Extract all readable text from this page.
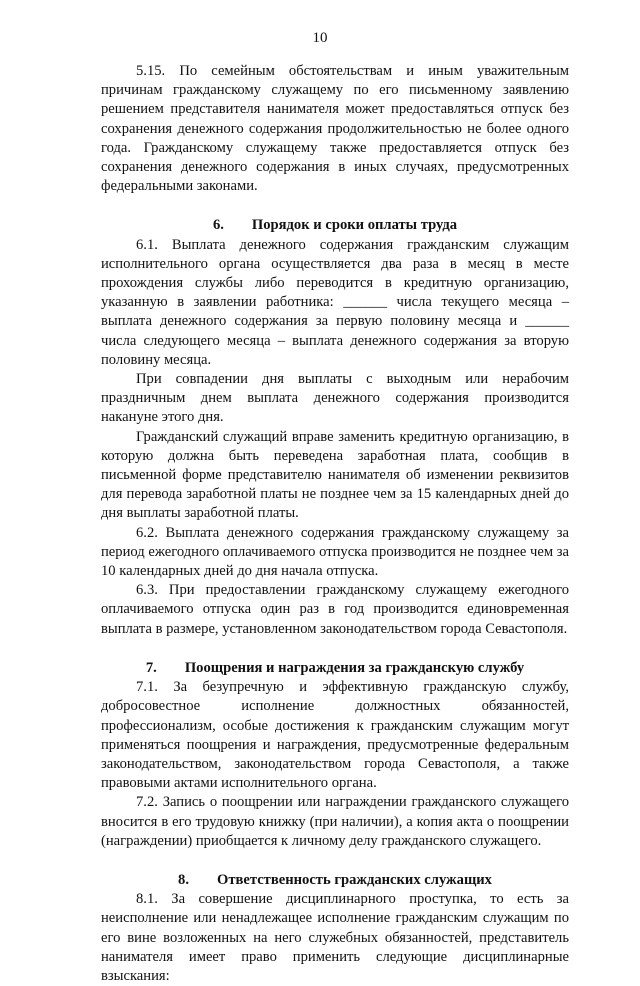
10

5.15. По семейным обстоятельствам и иным уважительным причинам гражданскому служащему по его письменному заявлению решением представителя нанимателя может предоставляться отпуск без сохранения денежного содержания продолжительностью не более одного года. Гражданскому служащему также предоставляется отпуск без сохранения денежного содержания в иных случаях, предусмотренных федеральными законами.

6. Порядок и сроки оплаты труда

6.1. Выплата денежного содержания гражданским служащим исполнительного органа осуществляется два раза в месяц в месте прохождения службы либо переводится в кредитную организацию, указанную в заявлении работника: ______ числа текущего месяца – выплата денежного содержания за первую половину месяца и ______ числа следующего месяца – выплата денежного содержания за вторую половину месяца.

При совпадении дня выплаты с выходным или нерабочим праздничным днем выплата денежного содержания производится накануне этого дня.

Гражданский служащий вправе заменить кредитную организацию, в которую должна быть переведена заработная плата, сообщив в письменной форме представителю нанимателя об изменении реквизитов для перевода заработной платы не позднее чем за 15 календарных дней до дня выплаты заработной платы.

6.2. Выплата денежного содержания гражданскому служащему за период ежегодного оплачиваемого отпуска производится не позднее чем за 10 календарных дней до дня начала отпуска.

6.3. При предоставлении гражданскому служащему ежегодного оплачиваемого отпуска один раз в год производится единовременная выплата в размере, установленном законодательством города Севастополя.

7. Поощрения и награждения за гражданскую службу

7.1. За безупречную и эффективную гражданскую службу, добросовестное исполнение должностных обязанностей, профессионализм, особые достижения к гражданским служащим могут применяться поощрения и награждения, предусмотренные федеральным законодательством, законодательством города Севастополя, а также правовыми актами исполнительного органа.

7.2. Запись о поощрении или награждении гражданского служащего вносится в его трудовую книжку (при наличии), а копия акта о поощрении (награждении) приобщается к личному делу гражданского служащего.

8. Ответственность гражданских служащих

8.1. За совершение дисциплинарного проступка, то есть за неисполнение или ненадлежащее исполнение гражданским служащим по его вине возложенных на него служебных обязанностей, представитель нанимателя имеет право применить следующие дисциплинарные взыскания:
